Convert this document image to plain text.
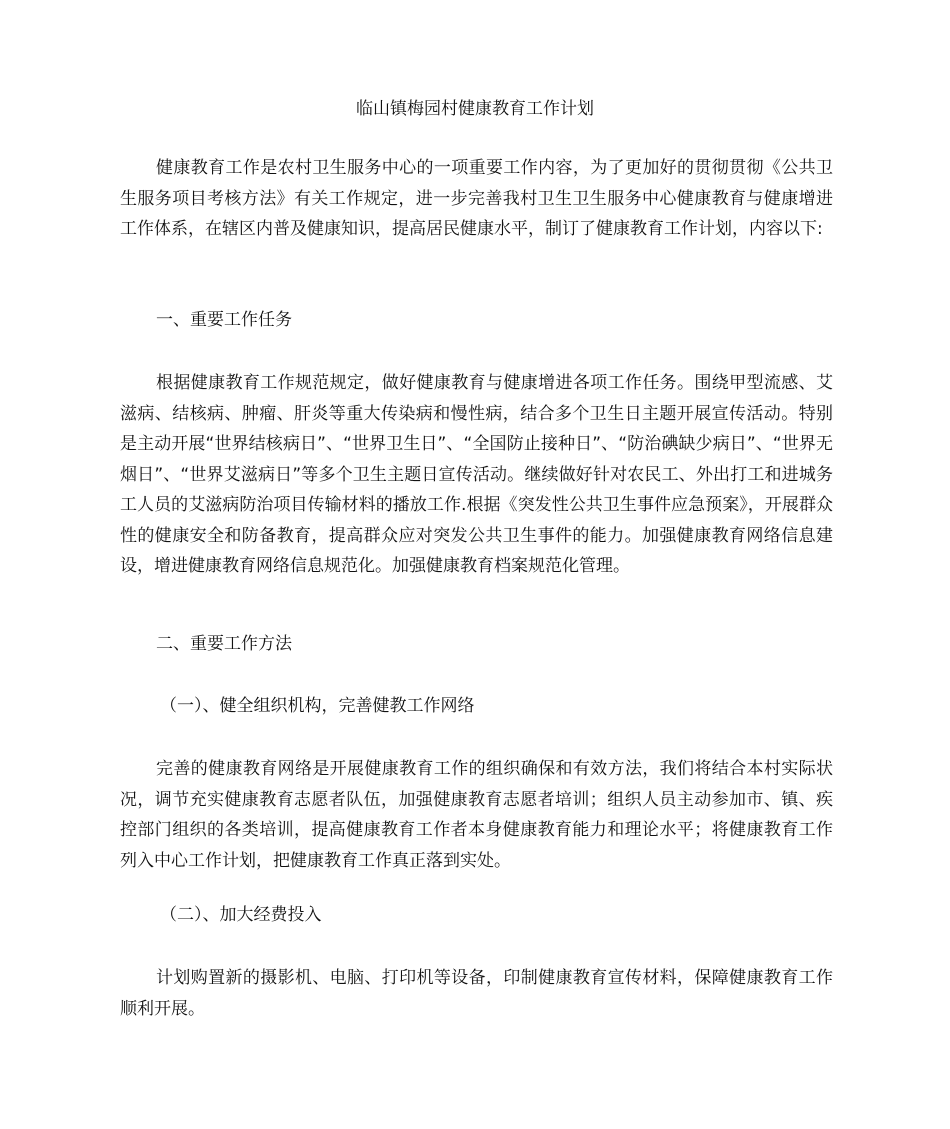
临山镇梅园村健康教育工作计划

健康教育工作是农村卫生服务中心的一项重要工作内容，为了更加好的贯彻贯彻《公共卫生服务项目考核方法》有关工作规定，进一步完善我村卫生卫生服务中心健康教育与健康增进工作体系，在辖区内普及健康知识，提高居民健康水平，制订了健康教育工作计划，内容以下:

一、重要工作任务

根据健康教育工作规范规定，做好健康教育与健康增进各项工作任务。围绕甲型流感、艾滋病、结核病、肿瘤、肝炎等重大传染病和慢性病，结合多个卫生日主题开展宣传活动。特别是主动开展“世界结核病日”、“世界卫生日”、“全国防止接种日”、“防治碘缺少病日”、“世界无烟日”、“世界艾滋病日”等多个卫生主题日宣传活动。继续做好针对农民工、外出打工和进城务工人员的艾滋病防治项目传输材料的播放工作.根据《突发性公共卫生事件应急预案》，开展群众性的健康安全和防备教育，提高群众应对突发公共卫生事件的能力。加强健康教育网络信息建设，增进健康教育网络信息规范化。加强健康教育档案规范化管理。

二、重要工作方法
（一）、健全组织机构，完善健教工作网络

完善的健康教育网络是开展健康教育工作的组织确保和有效方法，我们将结合本村实际状况，调节充实健康教育志愿者队伍，加强健康教育志愿者培训；组织人员主动参加市、镇、疾控部门组织的各类培训，提高健康教育工作者本身健康教育能力和理论水平；将健康教育工作列入中心工作计划，把健康教育工作真正落到实处。

（二）、加大经费投入

计划购置新的摄影机、电脑、打印机等设备，印制健康教育宣传材料，保障健康教育工作顺利开展。
